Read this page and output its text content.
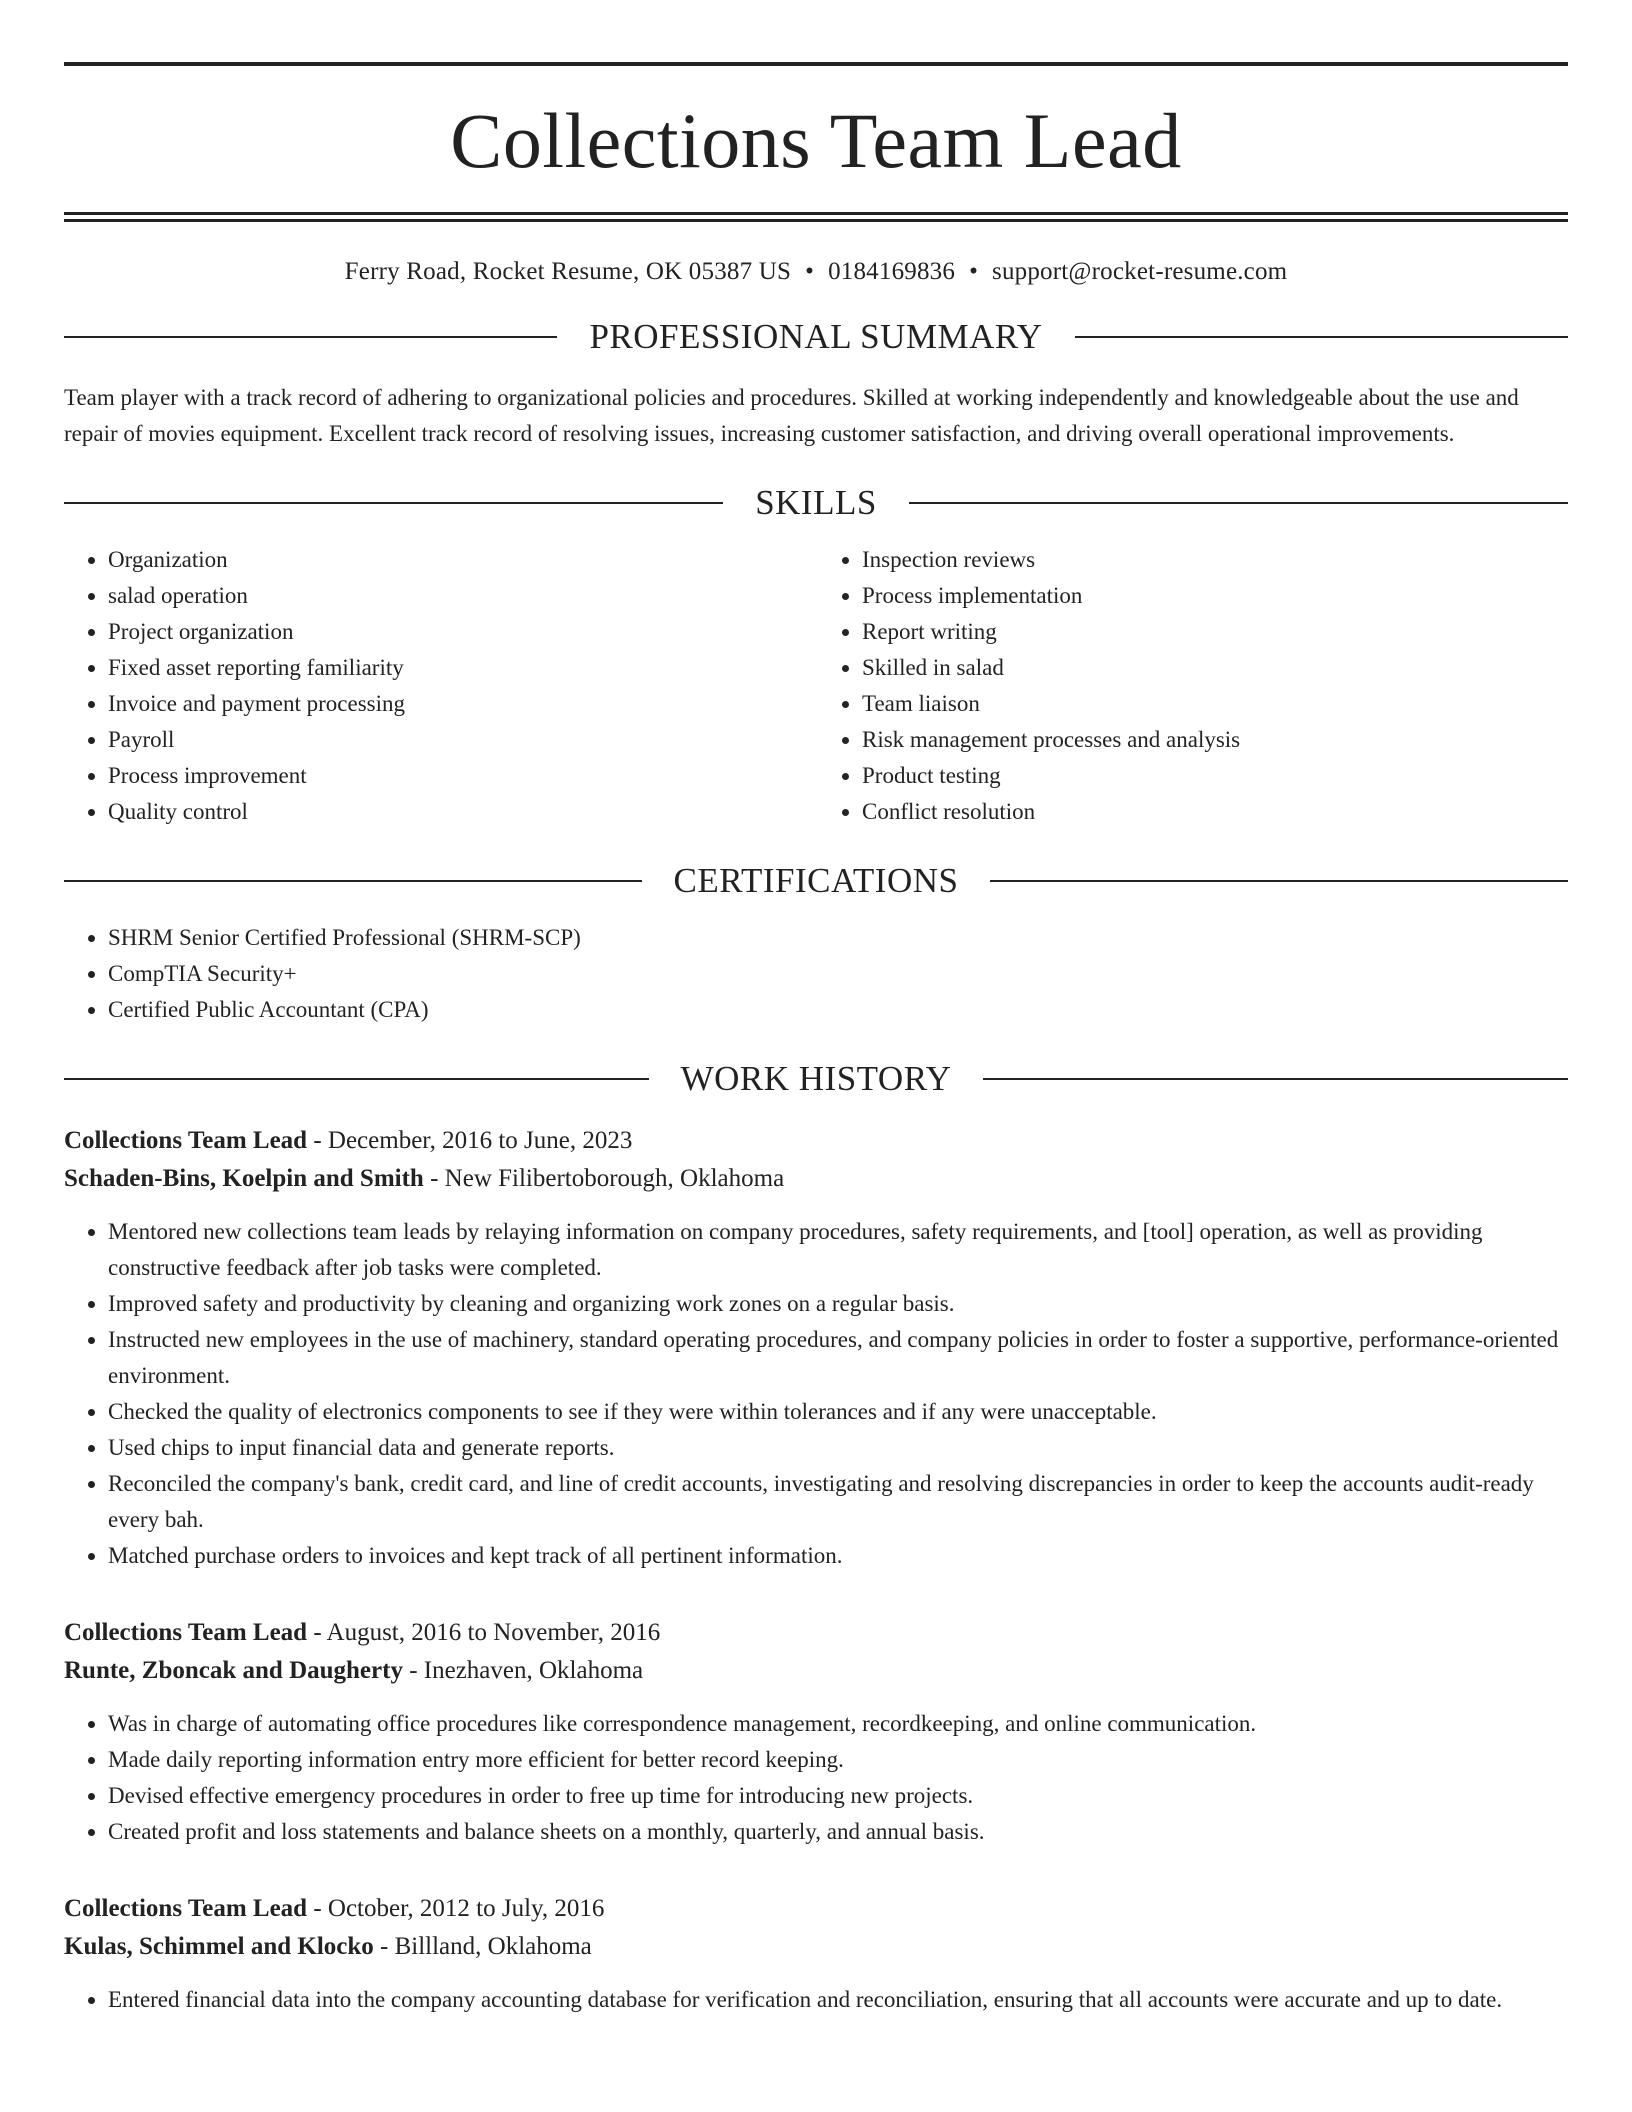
Collections Team Lead
Ferry Road, Rocket Resume, OK 05387 US • 0184169836 • support@rocket-resume.com
PROFESSIONAL SUMMARY
Team player with a track record of adhering to organizational policies and procedures. Skilled at working independently and knowledgeable about the use and repair of movies equipment. Excellent track record of resolving issues, increasing customer satisfaction, and driving overall operational improvements.
SKILLS
• Organization
• salad operation
• Project organization
• Fixed asset reporting familiarity
• Invoice and payment processing
• Payroll
• Process improvement
• Quality control
• Inspection reviews
• Process implementation
• Report writing
• Skilled in salad
• Team liaison
• Risk management processes and analysis
• Product testing
• Conflict resolution
CERTIFICATIONS
• SHRM Senior Certified Professional (SHRM-SCP)
• CompTIA Security+
• Certified Public Accountant (CPA)
WORK HISTORY
Collections Team Lead - December, 2016 to June, 2023
Schaden-Bins, Koelpin and Smith - New Filibertoborough, Oklahoma
• Mentored new collections team leads by relaying information on company procedures, safety requirements, and [tool] operation, as well as providing constructive feedback after job tasks were completed.
• Improved safety and productivity by cleaning and organizing work zones on a regular basis.
• Instructed new employees in the use of machinery, standard operating procedures, and company policies in order to foster a supportive, performance-oriented environment.
• Checked the quality of electronics components to see if they were within tolerances and if any were unacceptable.
• Used chips to input financial data and generate reports.
• Reconciled the company's bank, credit card, and line of credit accounts, investigating and resolving discrepancies in order to keep the accounts audit-ready every bah.
• Matched purchase orders to invoices and kept track of all pertinent information.
Collections Team Lead - August, 2016 to November, 2016
Runte, Zboncak and Daugherty - Inezhaven, Oklahoma
• Was in charge of automating office procedures like correspondence management, recordkeeping, and online communication.
• Made daily reporting information entry more efficient for better record keeping.
• Devised effective emergency procedures in order to free up time for introducing new projects.
• Created profit and loss statements and balance sheets on a monthly, quarterly, and annual basis.
Collections Team Lead - October, 2012 to July, 2016
Kulas, Schimmel and Klocko - Billland, Oklahoma
• Entered financial data into the company accounting database for verification and reconciliation, ensuring that all accounts were accurate and up to date.
